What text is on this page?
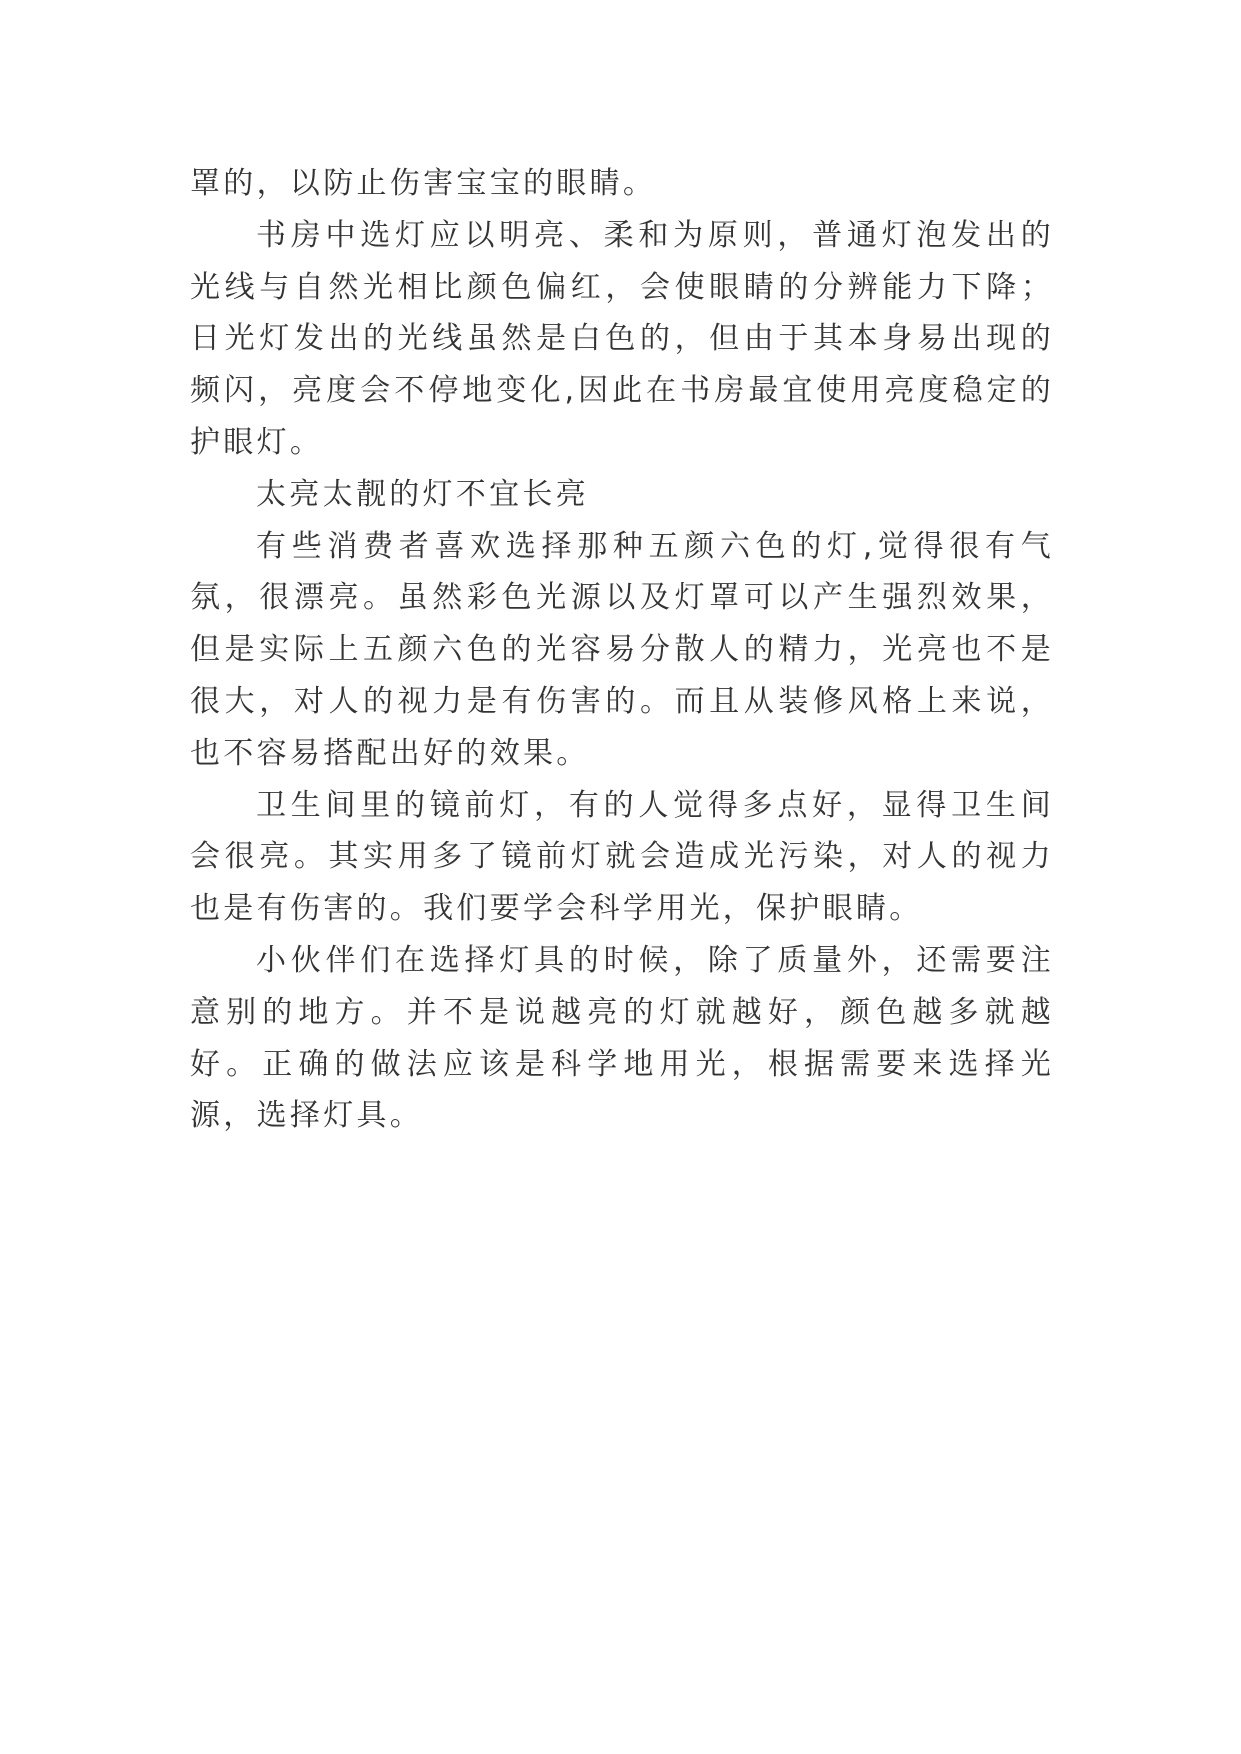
罩的，以防止伤害宝宝的眼睛。

书房中选灯应以明亮、柔和为原则，普通灯泡发出的光线与自然光相比颜色偏红，会使眼睛的分辨能力下降；日光灯发出的光线虽然是白色的，但由于其本身易出现的频闪，亮度会不停地变化,因此在书房最宜使用亮度稳定的护眼灯。

太亮太靓的灯不宜长亮

有些消费者喜欢选择那种五颜六色的灯,觉得很有气氛，很漂亮。虽然彩色光源以及灯罩可以产生强烈效果，但是实际上五颜六色的光容易分散人的精力，光亮也不是很大，对人的视力是有伤害的。而且从装修风格上来说，也不容易搭配出好的效果。

卫生间里的镜前灯，有的人觉得多点好，显得卫生间会很亮。其实用多了镜前灯就会造成光污染，对人的视力也是有伤害的。我们要学会科学用光，保护眼睛。

小伙伴们在选择灯具的时候，除了质量外，还需要注意别的地方。并不是说越亮的灯就越好，颜色越多就越好。正确的做法应该是科学地用光，根据需要来选择光源，选择灯具。
